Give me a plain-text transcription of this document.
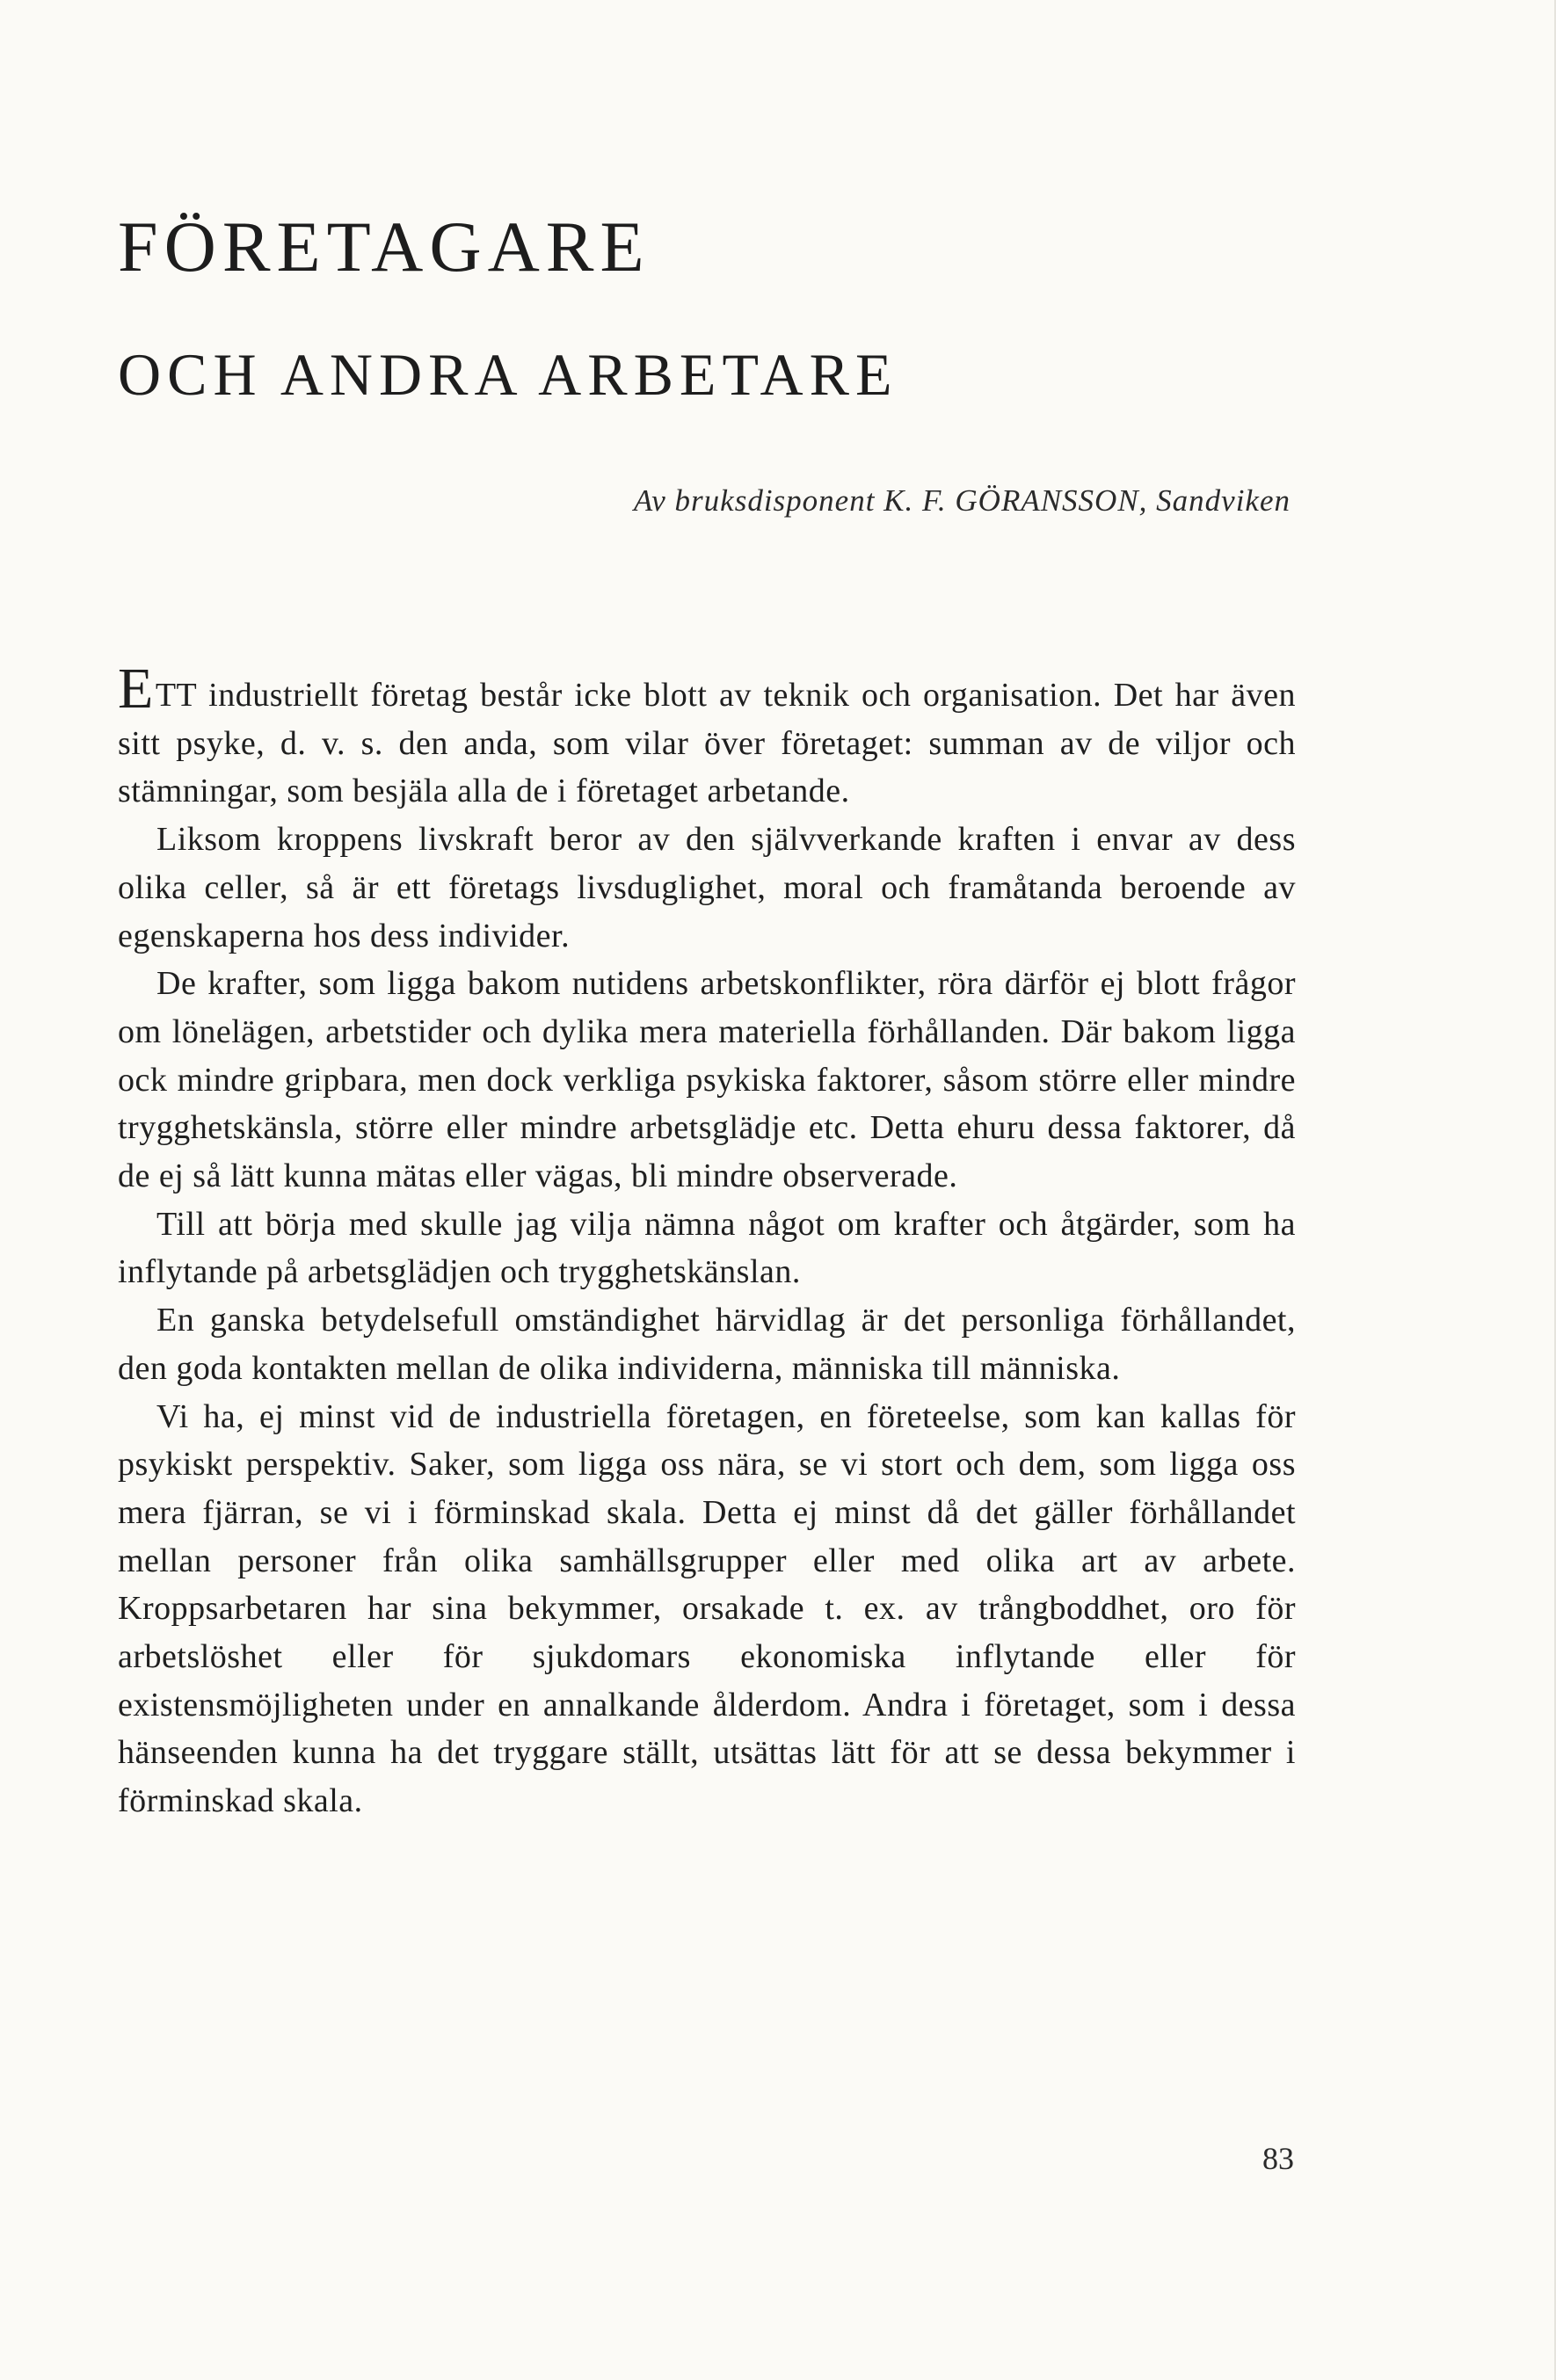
FÖRETAGARE
OCH ANDRA ARBETARE

Av bruksdisponent K. F. GÖRANSSON, Sandviken

ETT industriellt företag består icke blott av teknik och organisation. Det har även sitt psyke, d. v. s. den anda, som vilar över företaget: summan av de viljor och stämningar, som besjäla alla de i företaget arbetande.

Liksom kroppens livskraft beror av den självverkande kraften i envar av dess olika celler, så är ett företags livsduglighet, moral och framåtanda beroende av egenskaperna hos dess individer.

De krafter, som ligga bakom nutidens arbetskonflikter, röra därför ej blott frågor om lönelägen, arbetstider och dylika mera materiella förhållanden. Där bakom ligga ock mindre gripbara, men dock verkliga psykiska faktorer, såsom större eller mindre trygghetskänsla, större eller mindre arbetsglädje etc. Detta ehuru dessa faktorer, då de ej så lätt kunna mätas eller vägas, bli mindre observerade.

Till att börja med skulle jag vilja nämna något om krafter och åtgärder, som ha inflytande på arbetsglädjen och trygghetskänslan.

En ganska betydelsefull omständighet härvidlag är det personliga förhållandet, den goda kontakten mellan de olika individerna, människa till människa.

Vi ha, ej minst vid de industriella företagen, en företeelse, som kan kallas för psykiskt perspektiv. Saker, som ligga oss nära, se vi stort och dem, som ligga oss mera fjärran, se vi i förminskad skala. Detta ej minst då det gäller förhållandet mellan personer från olika samhällsgrupper eller med olika art av arbete. Kroppsarbetaren har sina bekymmer, orsakade t. ex. av trångboddhet, oro för arbetslöshet eller för sjukdomars ekonomiska inflytande eller för existensmöjligheten under en annalkande ålderdom. Andra i företaget, som i dessa hänseenden kunna ha det tryggare ställt, utsättas lätt för att se dessa bekymmer i förminskad skala.

83
